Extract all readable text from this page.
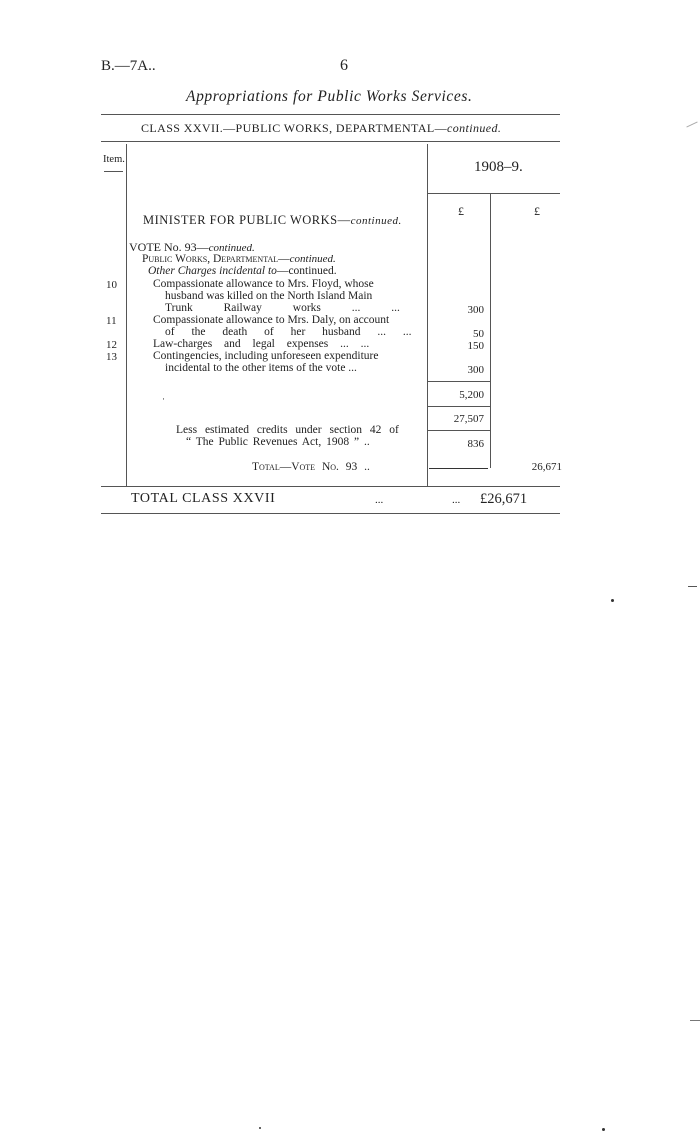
B.—7A..	6
Appropriations for Public Works Services.
CLASS XXVII.—PUBLIC WORKS, DEPARTMENTAL—continued.
Item.	1908–9.
£	£
MINISTER FOR PUBLIC WORKS—continued.
VOTE No. 93—continued.
Public Works, Departmental—continued.
Other Charges incidental to—continued.
10	Compassionate allowance to Mrs. Floyd, whose
husband was killed on the North Island Main
Trunk Railway works ... ...	300
11	Compassionate allowance to Mrs. Daly, on account
of the death of her husband ... ...	50
12	Law-charges and legal expenses ... ...	150
13	Contingencies, including unforeseen expenditure
incidental to the other items of the vote ...	300
5,200
27,507
·
Less estimated credits under section 42 of
“ The Public Revenues Act, 1908 ” ..	836
Total—Vote No. 93 ..	26,671
TOTAL CLASS XXVII	...	... £26,671
